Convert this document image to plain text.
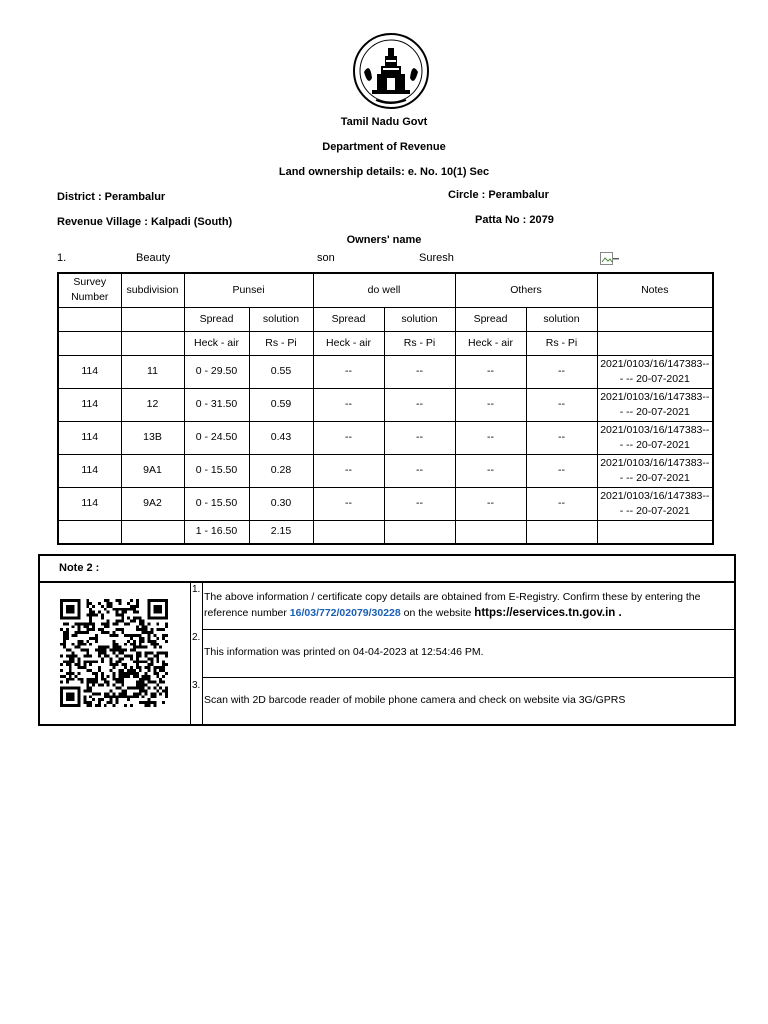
Tamil Nadu Govt
Department of Revenue
Land ownership details: e. No. 10(1) Sec
District : Perambalur	Circle : Perambalur
Revenue Village : Kalpadi (South)	Patta No : 2079
Owners' name
1.	Beauty	son	Suresh
Survey Number	subdivision	Punsei		do well		Others		Notes
		Spread	solution	Spread	solution	Spread	solution	
		Heck - air	Rs - Pi	Heck - air	Rs - Pi	Heck - air	Rs - Pi	
114	11	0 - 29.50	0.55	--	--	--	--	2021/0103/16/147383--- -- 20-07-2021
114	12	0 - 31.50	0.59	--	--	--	--	2021/0103/16/147383--- -- 20-07-2021
114	13B	0 - 24.50	0.43	--	--	--	--	2021/0103/16/147383--- -- 20-07-2021
114	9A1	0 - 15.50	0.28	--	--	--	--	2021/0103/16/147383--- -- 20-07-2021
114	9A2	0 - 15.50	0.30	--	--	--	--	2021/0103/16/147383--- -- 20-07-2021
		1 - 16.50	2.15					
Note 2 :
1.
The above information / certificate copy details are obtained from E-Registry. Confirm these by entering the reference number 16/03/772/02079/30228 on the website https://eservices.tn.gov.in .
2.
This information was printed on 04-04-2023 at 12:54:46 PM.
3.
Scan with 2D barcode reader of mobile phone camera and check on website via 3G/GPRS
